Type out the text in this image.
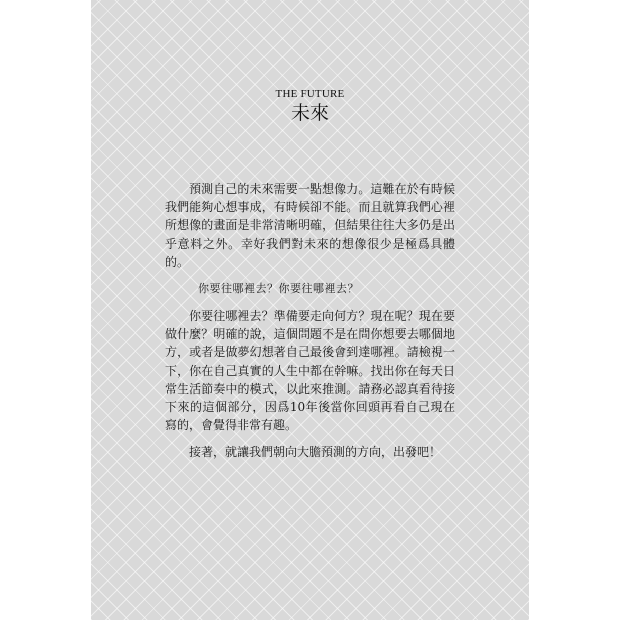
THE FUTURE
未來

預測自己的未來需要一點想像力。這難在於有時候我們能夠心想事成，有時候卻不能。而且就算我們心裡所想像的畫面是非常清晰明確，但結果往往大多仍是出乎意料之外。幸好我們對未來的想像很少是極爲具體的。

你要往哪裡去？你要往哪裡去？

你要往哪裡去？準備要走向何方？現在呢？現在要做什麼？明確的說，這個問題不是在問你想要去哪個地方，或者是做夢幻想著自己最後會到達哪裡。請檢視一下，你在自己真實的人生中都在幹嘛。找出你在每天日常生活節奏中的模式，以此來推測。請務必認真看待接下來的這個部分，因爲10年後當你回頭再看自己現在寫的，會覺得非常有趣。

接著，就讓我們朝向大膽預測的方向，出發吧！
